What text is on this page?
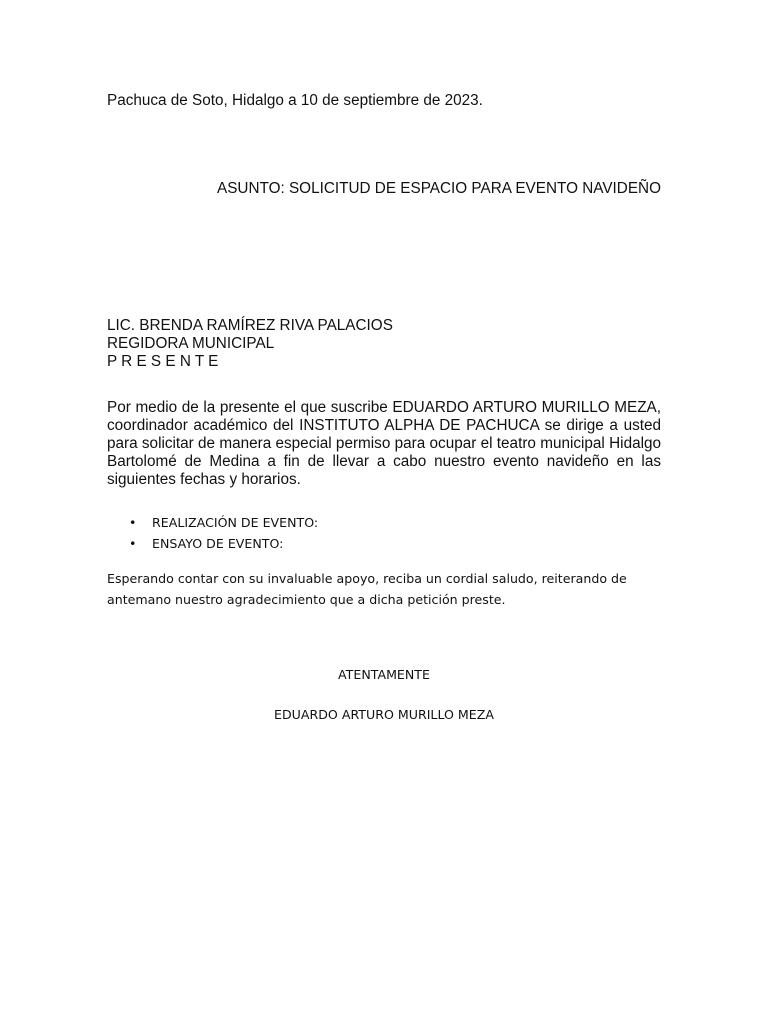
Pachuca de Soto, Hidalgo a 10 de septiembre de 2023.
ASUNTO: SOLICITUD DE ESPACIO PARA EVENTO NAVIDEÑO
LIC. BRENDA RAMÍREZ RIVA PALACIOS
REGIDORA MUNICIPAL
P R E S E N T E

Por medio de la presente el que suscribe EDUARDO ARTURO MURILLO MEZA, coordinador académico del INSTITUTO ALPHA DE PACHUCA se dirige a usted para solicitar de manera especial permiso para ocupar el teatro municipal Hidalgo Bartolomé de Medina a fin de llevar a cabo nuestro evento navideño en las siguientes fechas y horarios.

• REALIZACIÓN DE EVENTO:
• ENSAYO DE EVENTO:

Esperando contar con su invaluable apoyo, reciba un cordial saludo, reiterando de antemano nuestro agradecimiento que a dicha petición preste.

ATENTAMENTE
EDUARDO ARTURO MURILLO MEZA
